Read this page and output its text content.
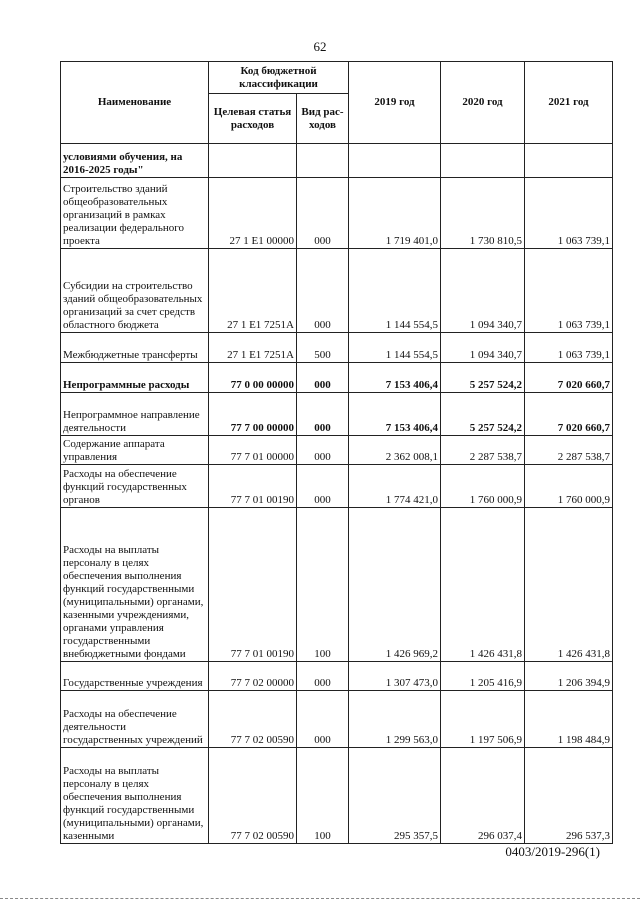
62
Наименование	Код бюджетной классификации		2019 год	2020 год	2021 год
	Целевая статья расходов	Вид рас-ходов			
условиями обучения, на 2016-2025 годы"					
Строительство зданий общеобразовательных организаций в рамках реализации федерального проекта	27 1 E1 00000	000	1 719 401,0	1 730 810,5	1 063 739,1
Субсидии на строительство зданий общеобразовательных организаций за счет средств областного бюджета	27 1 E1 7251А	000	1 144 554,5	1 094 340,7	1 063 739,1
Межбюджетные трансферты	27 1 E1 7251А	500	1 144 554,5	1 094 340,7	1 063 739,1
Непрограммные расходы	77 0 00 00000	000	7 153 406,4	5 257 524,2	7 020 660,7
Непрограммное направление деятельности	77 7 00 00000	000	7 153 406,4	5 257 524,2	7 020 660,7
Содержание аппарата управления	77 7 01 00000	000	2 362 008,1	2 287 538,7	2 287 538,7
Расходы на обеспечение функций государственных органов	77 7 01 00190	000	1 774 421,0	1 760 000,9	1 760 000,9
Расходы на выплаты персоналу в целях обеспечения выполнения функций государственными (муниципальными) органами, казенными учреждениями, органами управления государственными внебюджетными фондами	77 7 01 00190	100	1 426 969,2	1 426 431,8	1 426 431,8
Государственные учреждения	77 7 02 00000	000	1 307 473,0	1 205 416,9	1 206 394,9
Расходы на обеспечение деятельности государственных учреждений	77 7 02 00590	000	1 299 563,0	1 197 506,9	1 198 484,9
Расходы на выплаты персоналу в целях обеспечения выполнения функций государственными (муниципальными) органами, казенными	77 7 02 00590	100	295 357,5	296 037,4	296 537,3
0403/2019-296(1)
